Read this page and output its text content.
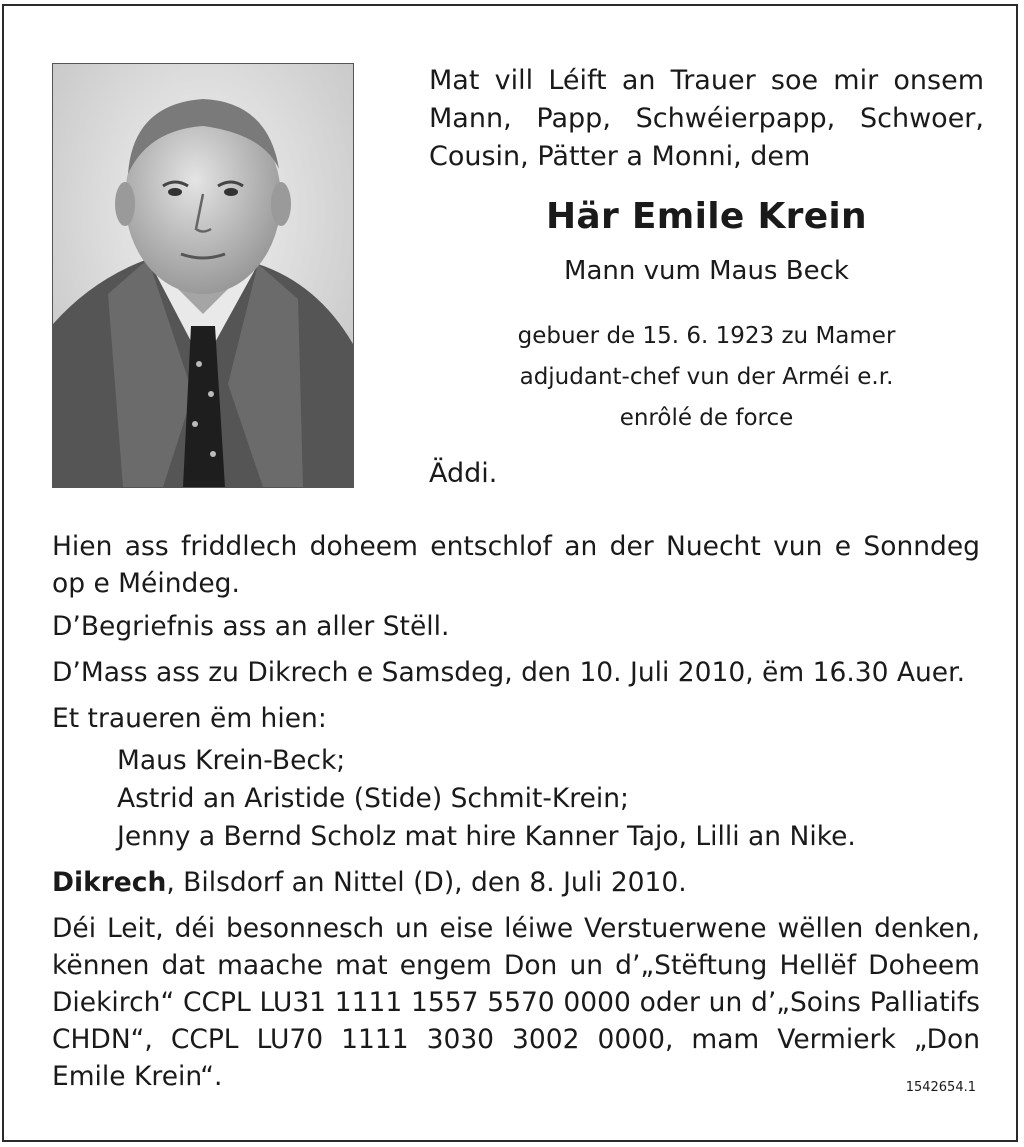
Mat vill Léift an Trauer soe mir onsem
Mann, Papp, Schwéierpapp, Schwoer,
Cousin, Pätter a Monni, dem
Här Emile Krein
Mann vum Maus Beck
gebuer de 15. 6. 1923 zu Mamer
adjudant-chef vun der Arméi e.r.
enrôlé de force
Äddi.
Hien ass friddlech doheem entschlof an der Nuecht vun e Sonndeg
op e Méindeg.
D’Begriefnis ass an aller Stëll.
D’Mass ass zu Dikrech e Samsdeg, den 10. Juli 2010, ëm 16.30 Auer.
Et traueren ëm hien:
Maus Krein-Beck;
Astrid an Aristide (Stide) Schmit-Krein;
Jenny a Bernd Scholz mat hire Kanner Tajo, Lilli an Nike.
Dikrech, Bilsdorf an Nittel (D), den 8. Juli 2010.
Déi Leit, déi besonnesch un eise léiwe Verstuerwene wëllen denken,
kënnen dat maache mat engem Don un d’„Stëftung Hellëf Doheem
Diekirch“ CCPL LU31 1111 1557 5570 0000 oder un d’„Soins Palliatifs
CHDN“, CCPL LU70 1111 3030 3002 0000, mam Vermierk „Don
Emile Krein“.	1542654.1
